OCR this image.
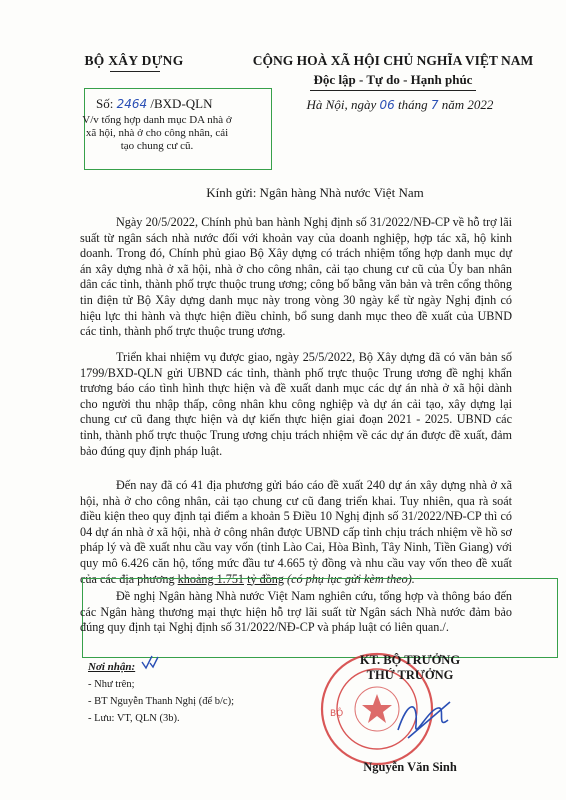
BỘ XÂY DỰNG	CỘNG HOÀ XÃ HỘI CHỦ NGHĨA VIỆT NAM
Độc lập - Tự do - Hạnh phúc
Số: 2464 /BXD-QLN
V/v tổng hợp danh mục DA nhà ở xã hội, nhà ở cho công nhân, cải tạo chung cư cũ.
Hà Nội, ngày 06 tháng 7 năm 2022
Kính gửi: Ngân hàng Nhà nước Việt Nam
Ngày 20/5/2022, Chính phủ ban hành Nghị định số 31/2022/NĐ-CP về hỗ trợ lãi suất từ ngân sách nhà nước đối với khoản vay của doanh nghiệp, hợp tác xã, hộ kinh doanh. Trong đó, Chính phủ giao Bộ Xây dựng có trách nhiệm tổng hợp danh mục dự án xây dựng nhà ở xã hội, nhà ở cho công nhân, cải tạo chung cư cũ của Ủy ban nhân dân các tỉnh, thành phố trực thuộc trung ương; công bố bằng văn bản và trên cổng thông tin điện tử Bộ Xây dựng danh mục này trong vòng 30 ngày kể từ ngày Nghị định có hiệu lực thi hành và thực hiện điều chỉnh, bổ sung danh mục theo đề xuất của UBND các tỉnh, thành phố trực thuộc trung ương.
Triển khai nhiệm vụ được giao, ngày 25/5/2022, Bộ Xây dựng đã có văn bản số 1799/BXD-QLN gửi UBND các tỉnh, thành phố trực thuộc Trung ương đề nghị khẩn trương báo cáo tình hình thực hiện và đề xuất danh mục các dự án nhà ở xã hội dành cho người thu nhập thấp, công nhân khu công nghiệp và dự án cải tạo, xây dựng lại chung cư cũ đang thực hiện và dự kiến thực hiện giai đoạn 2021 - 2025. UBND các tỉnh, thành phố trực thuộc Trung ương chịu trách nhiệm về các dự án được đề xuất, đảm bảo đúng quy định pháp luật.
Đến nay đã có 41 địa phương gửi báo cáo đề xuất 240 dự án xây dựng nhà ở xã hội, nhà ở cho công nhân, cải tạo chung cư cũ đang triển khai. Tuy nhiên, qua rà soát điều kiện theo quy định tại điểm a khoản 5 Điều 10 Nghị định số 31/2022/NĐ-CP thì có 04 dự án nhà ở xã hội, nhà ở công nhân được UBND cấp tỉnh chịu trách nhiệm về hồ sơ pháp lý và đề xuất nhu cầu vay vốn (tỉnh Lào Cai, Hòa Bình, Tây Ninh, Tiền Giang) với quy mô 6.426 căn hộ, tổng mức đầu tư 4.665 tỷ đồng và nhu cầu vay vốn theo đề xuất của các địa phương khoảng 1.751 tỷ đồng (có phụ lục gửi kèm theo).
Đề nghị Ngân hàng Nhà nước Việt Nam nghiên cứu, tổng hợp và thông báo đến các Ngân hàng thương mại thực hiện hỗ trợ lãi suất từ Ngân sách Nhà nước đảm bảo đúng quy định tại Nghị định số 31/2022/NĐ-CP và pháp luật có liên quan./.
Nơi nhận:
- Như trên;
- BT Nguyễn Thanh Nghị (để b/c);
- Lưu: VT, QLN (3b).	BỘ
KT. BỘ TRƯỞNG
THỨ TRƯỞNG
Nguyễn Văn Sinh
